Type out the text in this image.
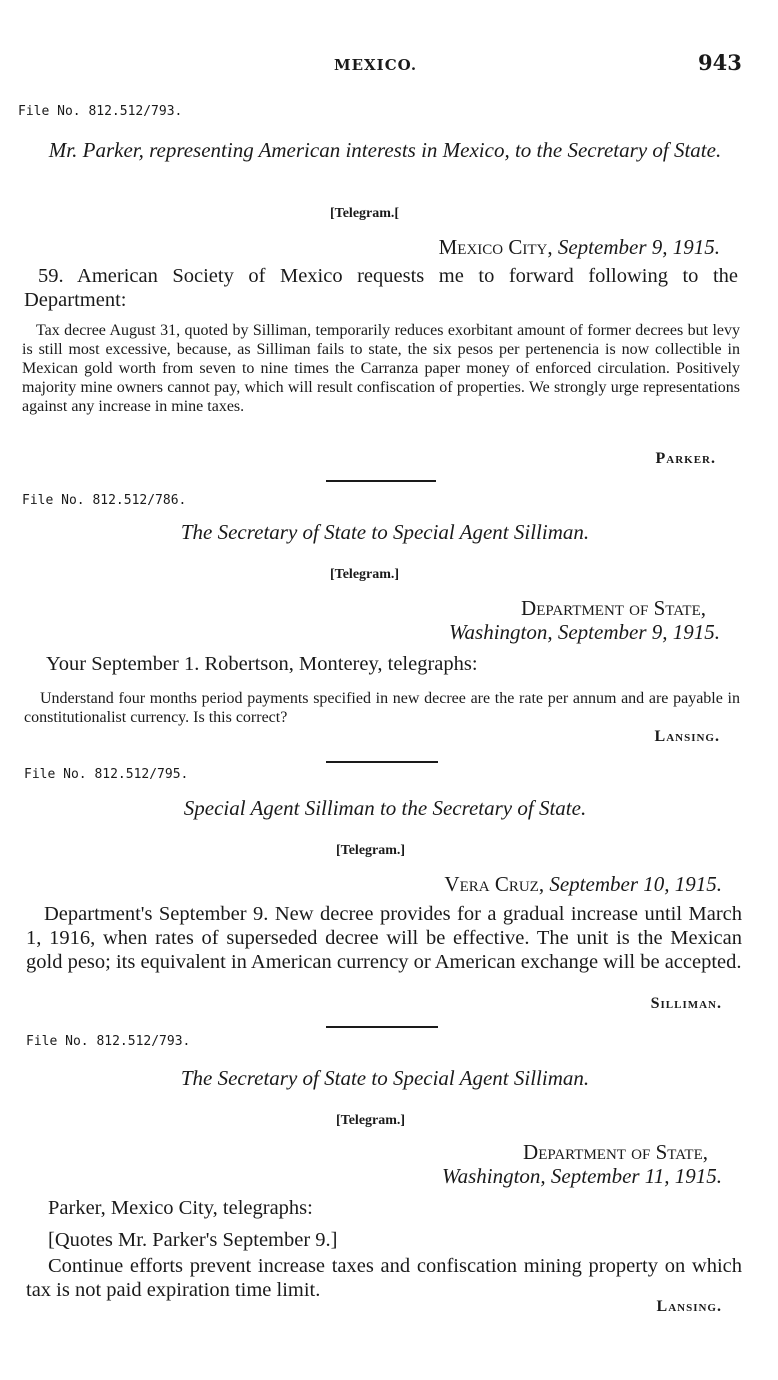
MEXICO.	943
File No. 812.512/793.
Mr. Parker, representing American interests in Mexico, to the Secretary of State.
[Telegram.[
Mexico City, September 9, 1915.
59. American Society of Mexico requests me to forward following to the Department:
Tax decree August 31, quoted by Silliman, temporarily reduces exorbitant amount of former decrees but levy is still most excessive, because, as Silliman fails to state, the six pesos per pertenencia is now collectible in Mexican gold worth from seven to nine times the Carranza paper money of enforced circulation. Positively majority mine owners cannot pay, which will result confiscation of properties. We strongly urge representations against any increase in mine taxes.
Parker.
File No. 812.512/786.
The Secretary of State to Special Agent Silliman.
[Telegram.]
Department of State,
Washington, September 9, 1915.
Your September 1. Robertson, Monterey, telegraphs:
Understand four months period payments specified in new decree are the rate per annum and are payable in constitutionalist currency. Is this correct?
Lansing.
File No. 812.512/795.
Special Agent Silliman to the Secretary of State.
[Telegram.]
Vera Cruz, September 10, 1915.
Department's September 9. New decree provides for a gradual increase until March 1, 1916, when rates of superseded decree will be effective. The unit is the Mexican gold peso; its equivalent in American currency or American exchange will be accepted.
Silliman.
File No. 812.512/793.
The Secretary of State to Special Agent Silliman.
[Telegram.]
Department of State,
Washington, September 11, 1915.
Parker, Mexico City, telegraphs:
[Quotes Mr. Parker's September 9.]
Continue efforts prevent increase taxes and confiscation mining property on which tax is not paid expiration time limit.
Lansing.
